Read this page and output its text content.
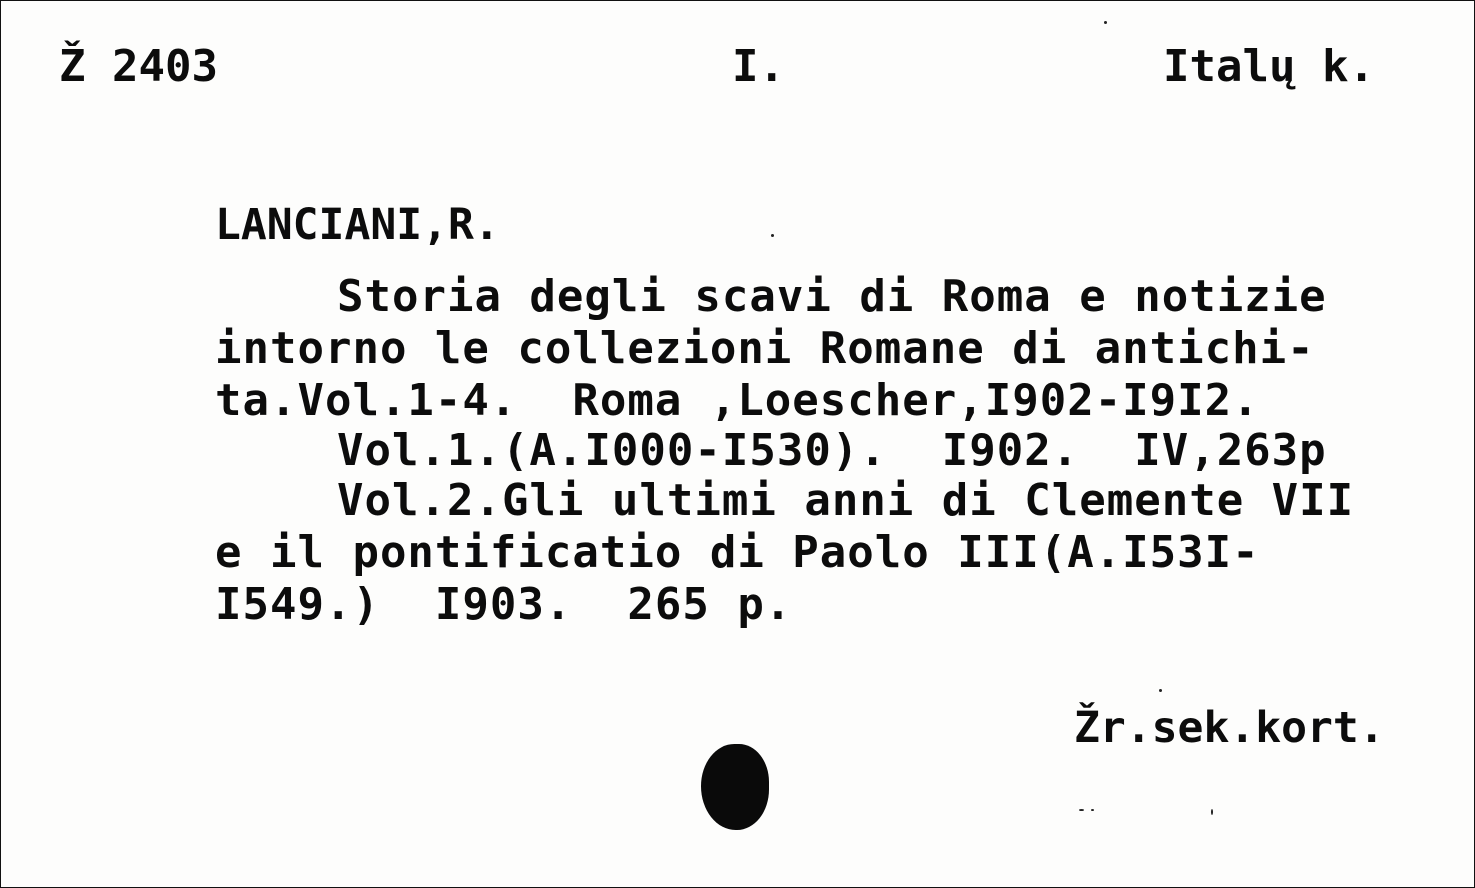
Ž 2403	I.	Italų k.
LANCIANI,R.
Storia degli scavi di Roma e notizie
intorno le collezioni Romane di antichi-
ta.Vol.1-4.  Roma ,Loescher,I902-I9I2.
Vol.1.(A.I000-I530).  I902.  IV,263p
Vol.2.Gli ultimi anni di Clemente VII
e il pontificatio di Paolo III(A.I53I-
I549.)  I903.  265 p.
Žr.sek.kort.
